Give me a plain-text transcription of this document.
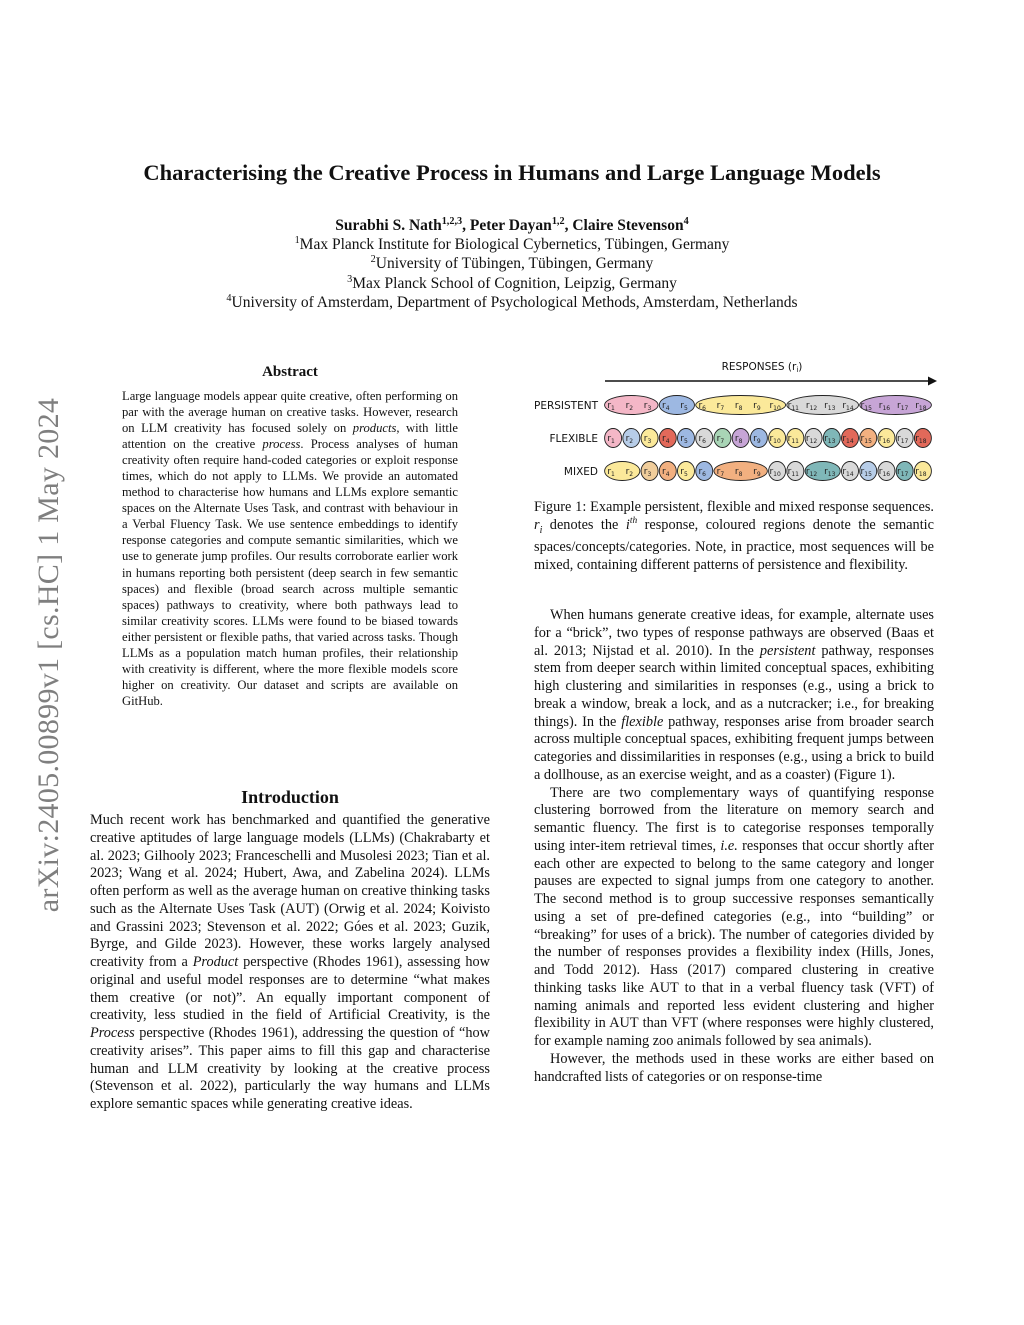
arXiv:2405.00899v1 [cs.HC] 1 May 2024
Characterising the Creative Process in Humans and Large Language Models
Surabhi S. Nath$^{1,2,3}$, Peter Dayan$^{1,2}$, Claire Stevenson$^4$
$^1$Max Planck Institute for Biological Cybernetics, Tübingen, Germany
$^2$University of Tübingen, Tübingen, Germany
$^3$Max Planck School of Cognition, Leipzig, Germany
$^4$University of Amsterdam, Department of Psychological Methods, Amsterdam, Netherlands
Abstract
Large language models appear quite creative, often performing on par with the average human on creative tasks. However, research on LLM creativity has focused solely on products, with little attention on the creative process. Process analyses of human creativity often require hand-coded categories or exploit response times, which do not apply to LLMs. We provide an automated method to characterise how humans and LLMs explore semantic spaces on the Alternate Uses Task, and contrast with behaviour in a Verbal Fluency Task. We use sentence embeddings to identify response categories and compute semantic similarities, which we use to generate jump profiles. Our results corroborate earlier work in humans reporting both persistent (deep search in few semantic spaces) and flexible (broad search across multiple semantic spaces) pathways to creativity, where both pathways lead to similar creativity scores. LLMs were found to be biased towards either persistent or flexible paths, that varied across tasks. Though LLMs as a population match human profiles, their relationship with creativity is different, where the more flexible models score higher on creativity. Our dataset and scripts are available on GitHub.
Introduction

Much recent work has benchmarked and quantified the generative creative aptitudes of large language models (LLMs) (Chakrabarty et al. 2023; Gilhooly 2023; Franceschelli and Musolesi 2023; Tian et al. 2023; Wang et al. 2024; Hubert, Awa, and Zabelina 2024). LLMs often perform as well as the average human on creative thinking tasks such as the Alternate Uses Task (AUT) (Orwig et al. 2024; Koivisto and Grassini 2023; Stevenson et al. 2022; Góes et al. 2023; Guzik, Byrge, and Gilde 2023). However, these works largely analysed creativity from a Product perspective (Rhodes 1961), assessing how original and useful model responses are to determine “what makes them creative (or not)”. An equally important component of creativity, less studied in the field of Artificial Creativity, is the Process perspective (Rhodes 1961), addressing the question of “how creativity arises”. This paper aims to fill this gap and characterise human and LLM creativity by looking at the creative process (Stevenson et al. 2022), particularly the way humans and LLMs explore semantic spaces while generating creative ideas.

RESPONSES (ri)
PERSISTENT $r_1$ $r_2$ $r_3$ $r_4$ $r_5$ $r_6$ $r_7$ $r_8$ $r_9$ $r_{10}$ $r_{11}$ $r_{12}$ $r_{13}$ $r_{14}$ $r_{15}$ $r_{16}$ $r_{17}$ $r_{18}$
FLEXIBLE $r_1$ $r_2$ $r_3$ $r_4$ $r_5$ $r_6$ $r_7$ $r_8$ $r_9$ $r_{10}$ $r_{11}$ $r_{12}$ $r_{13}$ $r_{14}$ $r_{15}$ $r_{16}$ $r_{17}$ $r_{18}$
MIXED $r_1$ $r_2$ $r_3$ $r_4$ $r_5$ $r_6$ $r_7$ $r_8$ $r_9$ $r_{10}$ $r_{11}$ $r_{12}$ $r_{13}$ $r_{14}$ $r_{15}$ $r_{16}$ $r_{17}$ $r_{18}$

Figure 1: Example persistent, flexible and mixed response sequences. $r_i$ denotes the $i^{th}$ response, coloured regions denote the semantic spaces/concepts/categories. Note, in practice, most sequences will be mixed, containing different patterns of persistence and flexibility.

When humans generate creative ideas, for example, alternate uses for a “brick”, two types of response pathways are observed (Baas et al. 2013; Nijstad et al. 2010). In the persistent pathway, responses stem from deeper search within limited conceptual spaces, exhibiting high clustering and similarities in responses (e.g., using a brick to break a window, break a lock, and as a nutcracker; i.e., for breaking things). In the flexible pathway, responses arise from broader search across multiple conceptual spaces, exhibiting frequent jumps between categories and dissimilarities in responses (e.g., using a brick to build a dollhouse, as an exercise weight, and as a coaster) (Figure 1).

There are two complementary ways of quantifying response clustering borrowed from the literature on memory search and semantic fluency. The first is to categorise responses temporally using inter-item retrieval times, i.e. responses that occur shortly after each other are expected to belong to the same category and longer pauses are expected to signal jumps from one category to another. The second method is to group successive responses semantically using a set of pre-defined categories (e.g., into “building” or “breaking” for uses of a brick). The number of categories divided by the number of responses provides a flexibility index (Hills, Jones, and Todd 2012). Hass (2017) compared clustering in creative thinking tasks like AUT to that in a verbal fluency task (VFT) of naming animals and reported less evident clustering and higher flexibility in AUT than VFT (where responses were highly clustered, for example naming zoo animals followed by sea animals).

However, the methods used in these works are either based on handcrafted lists of categories or on response-time
